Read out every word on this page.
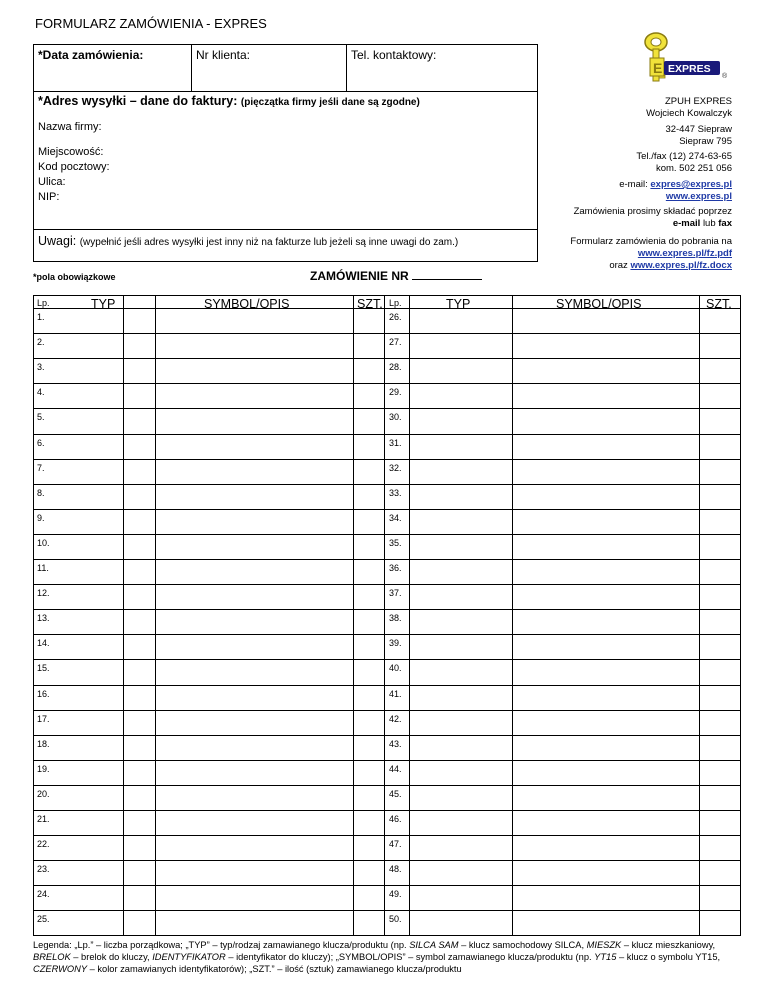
FORMULARZ ZAMÓWIENIA - EXPRES
*Data zamówienia:	Nr klienta:	Tel. kontaktowy:
*Adres wysyłki – dane do faktury: (pięczątka firmy jeśli dane są zgodne)
Nazwa firmy:
Miejscowość:
Kod pocztowy:
Ulica:
NIP:
Uwagi: (wypełnić jeśli adres wysyłki jest inny niż na fakturze lub jeżeli są inne uwagi do zam.)
E EXPRES
®
ZPUH EXPRES
Wojciech Kowalczyk
32-447 Siepraw
Siepraw 795
Tel./fax (12) 274-63-65
kom. 502 251 056
e-mail: expres@expres.pl
www.expres.pl
Zamówienia prosimy składać poprzez
e-mail lub fax
Formularz zamówienia do pobrania na
www.expres.pl/fz.pdf
oraz www.expres.pl/fz.docx
*pola obowiązkowe	ZAMÓWIENIE NR
Lp.	TYP	SYMBOL/OPIS	SZT. Lp.	TYP	SYMBOL/OPIS	SZT.
1.	26.
2.	27.
3.	28.
4.	29.
5.	30.
6.	31.
7.	32.
8.	33.
9.	34.
10.	35.
11.	36.
12.	37.
13.	38.
14.	39.
15.	40.
16.	41.
17.	42.
18.	43.
19.	44.
20.	45.
21.	46.
22.	47.
23.	48.
24.	49.
25.	50.
Legenda: „Lp.” – liczba porządkowa; „TYP” – typ/rodzaj zamawianego klucza/produktu (np. SILCA SAM – klucz samochodowy SILCA, MIESZK – klucz mieszkaniowy, BRELOK – brelok do kluczy, IDENTYFIKATOR – identyfikator do kluczy); „SYMBOL/OPIS” – symbol zamawianego klucza/produktu (np. YT15 – klucz o symbolu YT15, CZERWONY – kolor zamawianych identyfikatorów); „SZT.” – ilość (sztuk) zamawianego klucza/produktu
